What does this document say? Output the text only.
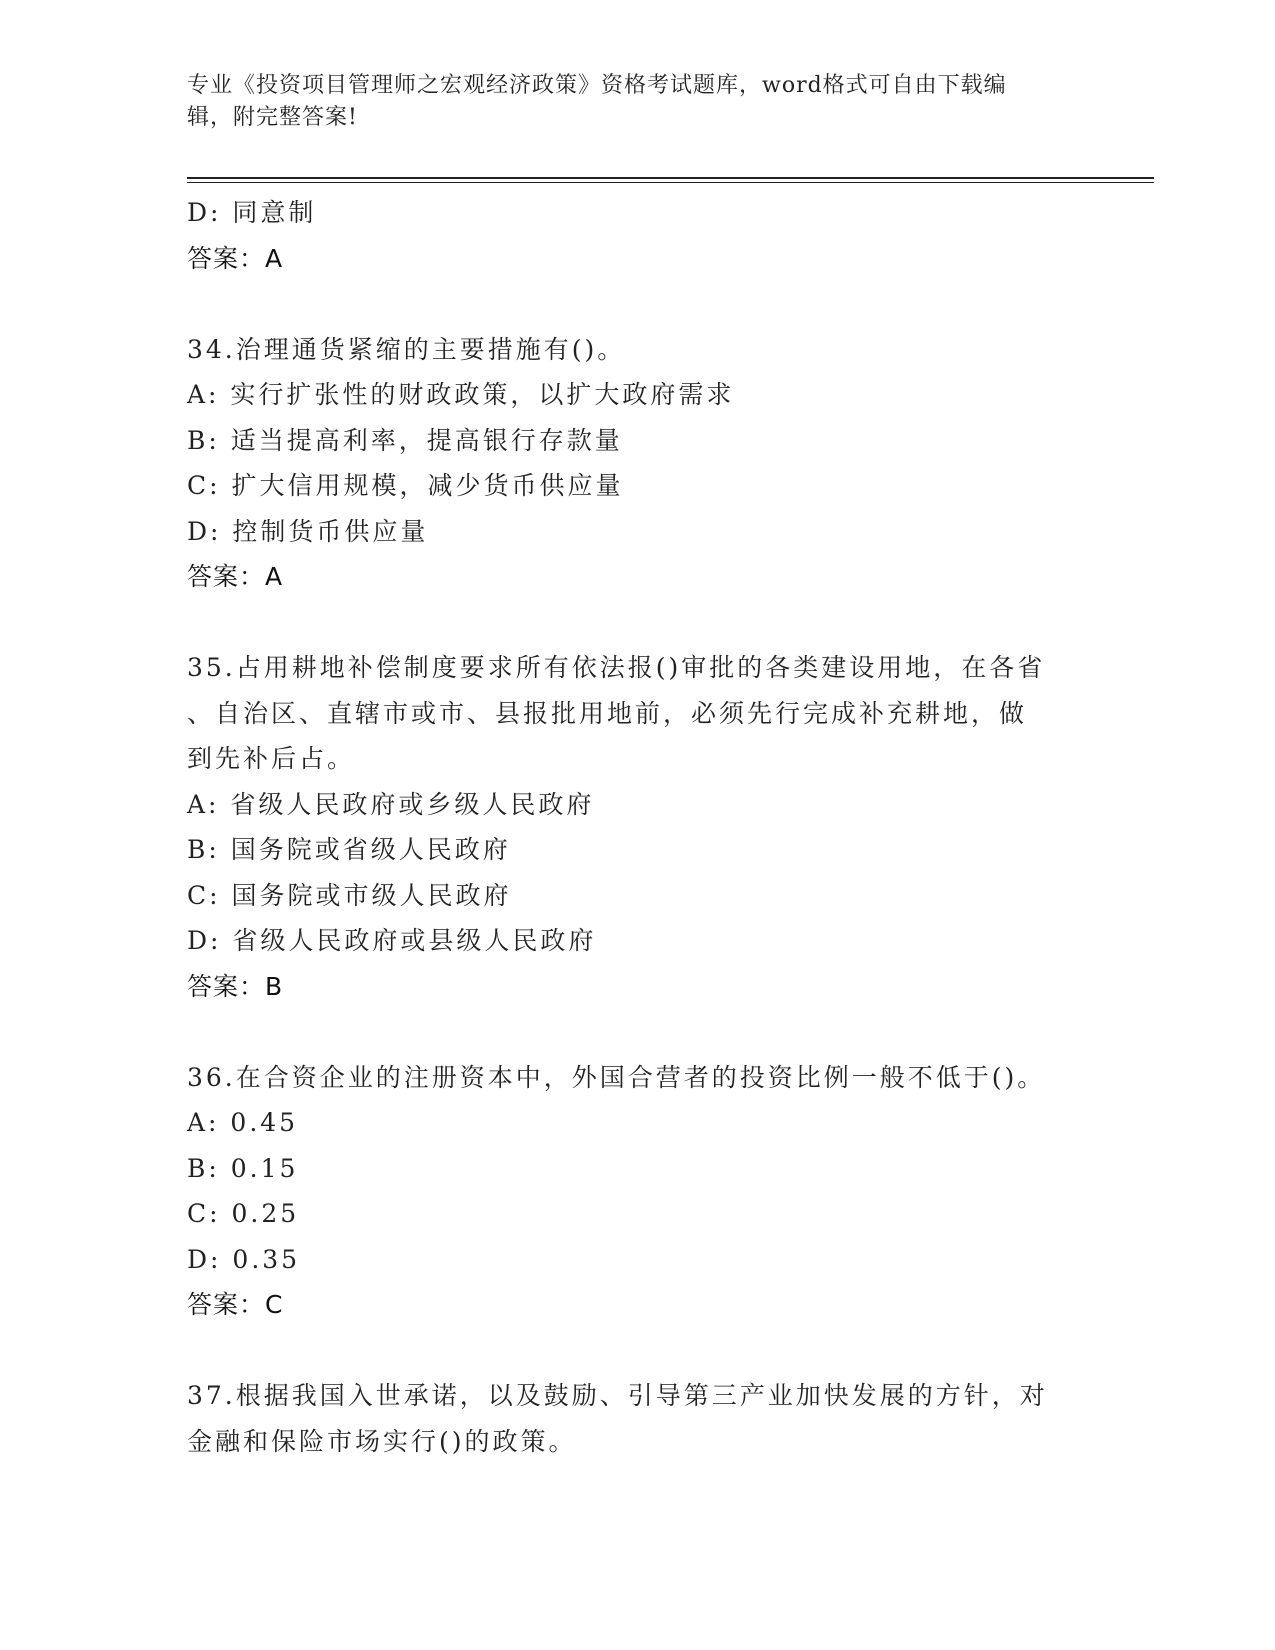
专业《投资项目管理师之宏观经济政策》资格考试题库，word格式可自由下载编
辑，附完整答案!
D: 同意制
答案：A
34.治理通货紧缩的主要措施有()。
A: 实行扩张性的财政政策，以扩大政府需求
B: 适当提高利率，提高银行存款量
C: 扩大信用规模，减少货币供应量
D: 控制货币供应量
答案：A
35.占用耕地补偿制度要求所有依法报()审批的各类建设用地，在各省
、自治区、直辖市或市、县报批用地前，必须先行完成补充耕地，做
到先补后占。
A: 省级人民政府或乡级人民政府
B: 国务院或省级人民政府
C: 国务院或市级人民政府
D: 省级人民政府或县级人民政府
答案：B
36.在合资企业的注册资本中，外国合营者的投资比例一般不低于()。
A: 0.45
B: 0.15
C: 0.25
D: 0.35
答案：C
37.根据我国入世承诺，以及鼓励、引导第三产业加快发展的方针，对
金融和保险市场实行()的政策。
